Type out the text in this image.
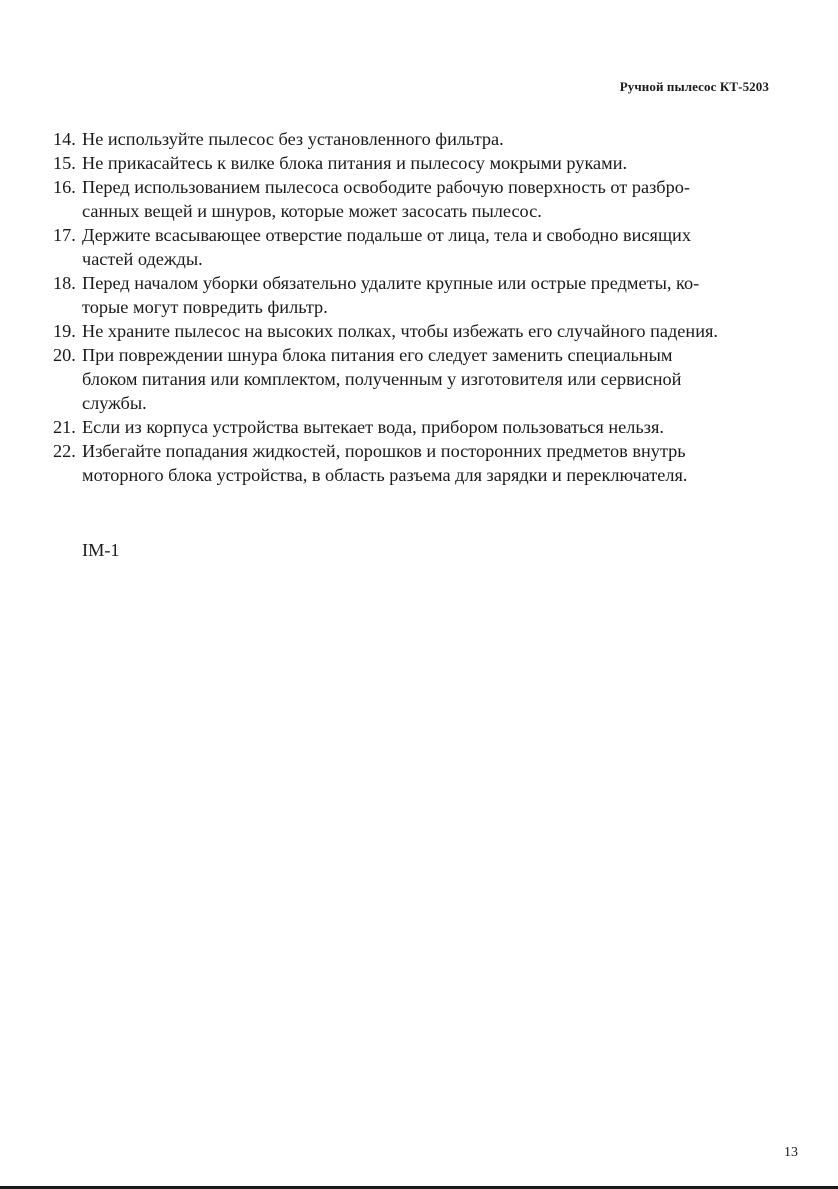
Ручной пылесос КТ-5203
14. Не используйте пылесос без установленного фильтра.
15. Не прикасайтесь к вилке блока питания и пылесосу мокрыми руками.
16. Перед использованием пылесоса освободите рабочую поверхность от разбро-
санных вещей и шнуров, которые может засосать пылесос.
17. Держите всасывающее отверстие подальше от лица, тела и свободно висящих
частей одежды.
18. Перед началом уборки обязательно удалите крупные или острые предметы, ко-
торые могут повредить фильтр.
19. Не храните пылесос на высоких полках, чтобы избежать его случайного падения.
20. При повреждении шнура блока питания его следует заменить специальным
блоком питания или комплектом, полученным у изготовителя или сервисной
службы.
21. Если из корпуса устройства вытекает вода, прибором пользоваться нельзя.
22. Избегайте попадания жидкостей, порошков и посторонних предметов внутрь
моторного блока устройства, в область разъема для зарядки и переключателя.
IM-1
13
